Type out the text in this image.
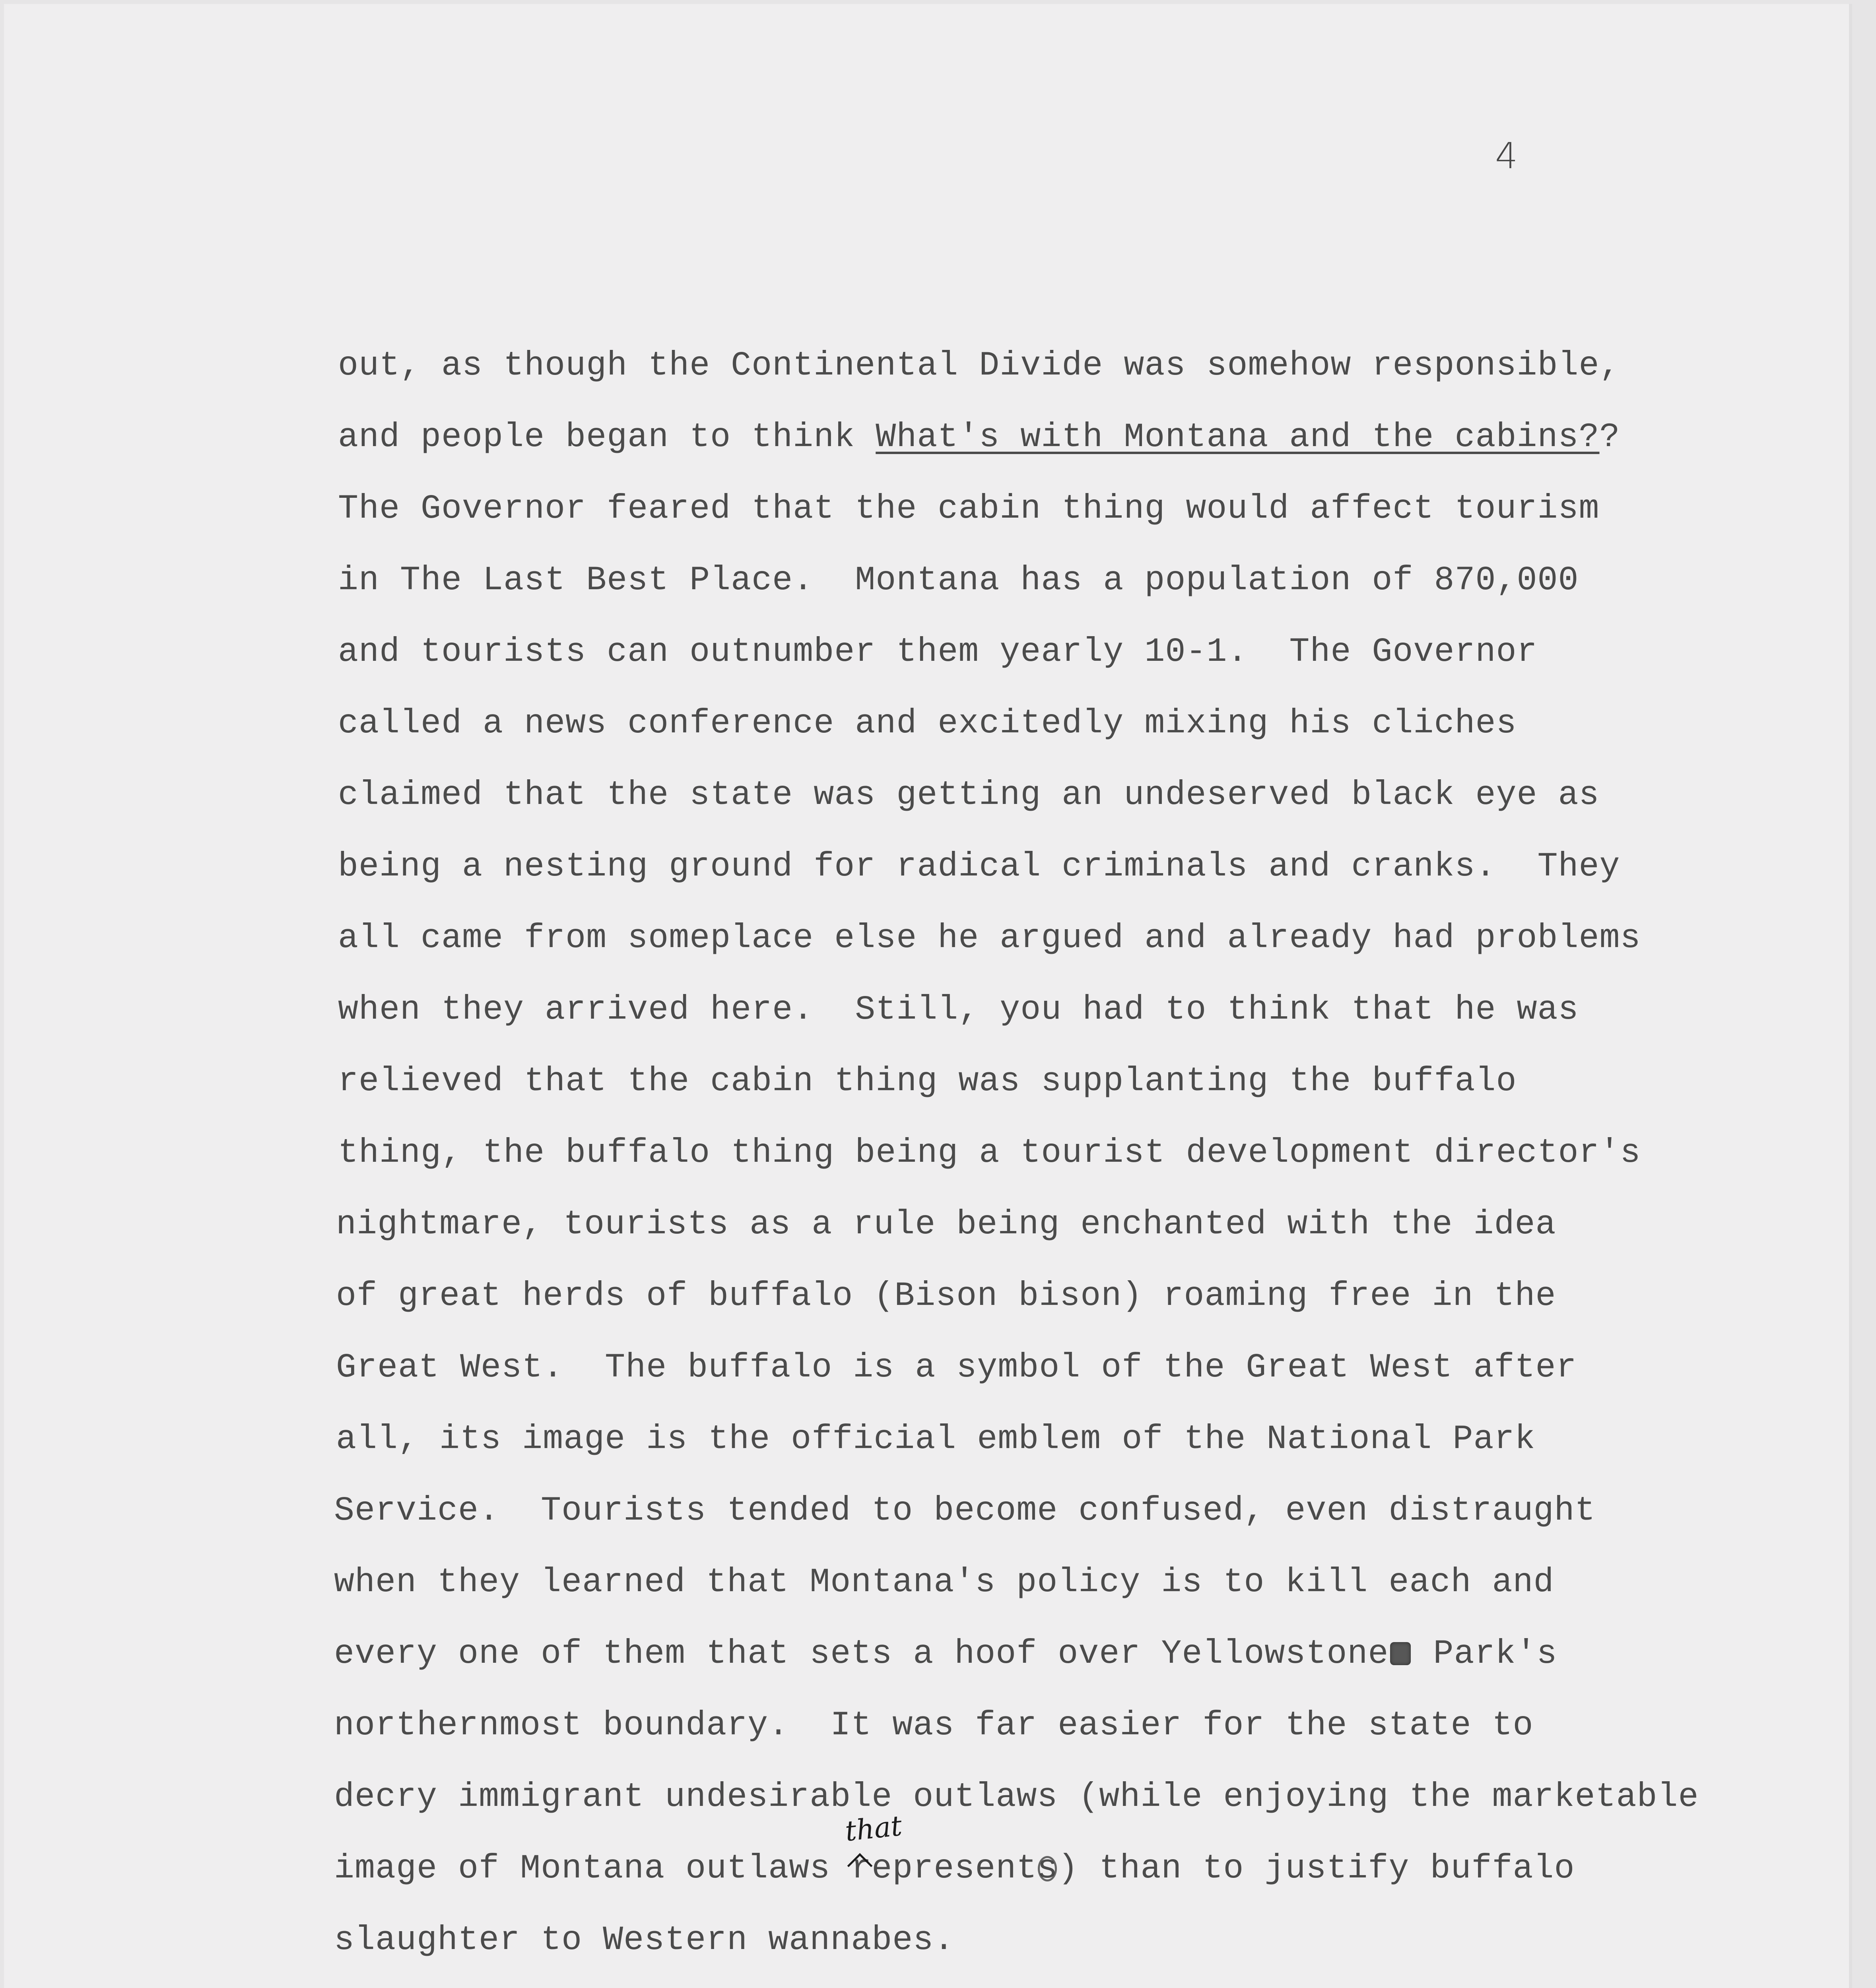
4
out, as though the Continental Divide was somehow responsible,
and people began to think What's with Montana and the cabins??
The Governor feared that the cabin thing would affect tourism
in The Last Best Place.  Montana has a population of 870,000
and tourists can outnumber them yearly 10-1.  The Governor
called a news conference and excitedly mixing his cliches
claimed that the state was getting an undeserved black eye as
being a nesting ground for radical criminals and cranks.  They
all came from someplace else he argued and already had problems
when they arrived here.  Still, you had to think that he was
relieved that the cabin thing was supplanting the buffalo
thing, the buffalo thing being a tourist development director's
nightmare, tourists as a rule being enchanted with the idea
of great herds of buffalo (Bison bison) roaming free in the
Great West.  The buffalo is a symbol of the Great West after
all, its image is the official emblem of the National Park
Service.  Tourists tended to become confused, even distraught
when they learned that Montana's policy is to kill each and
every one of them that sets a hoof over Yellowstone Park's
northernmost boundary.  It was far easier for the state to
decry immigrant undesirable outlaws (while enjoying the marketable
image of Montana outlaws represents) than to justify buffalo
slaughter to Western wannabes.
that
